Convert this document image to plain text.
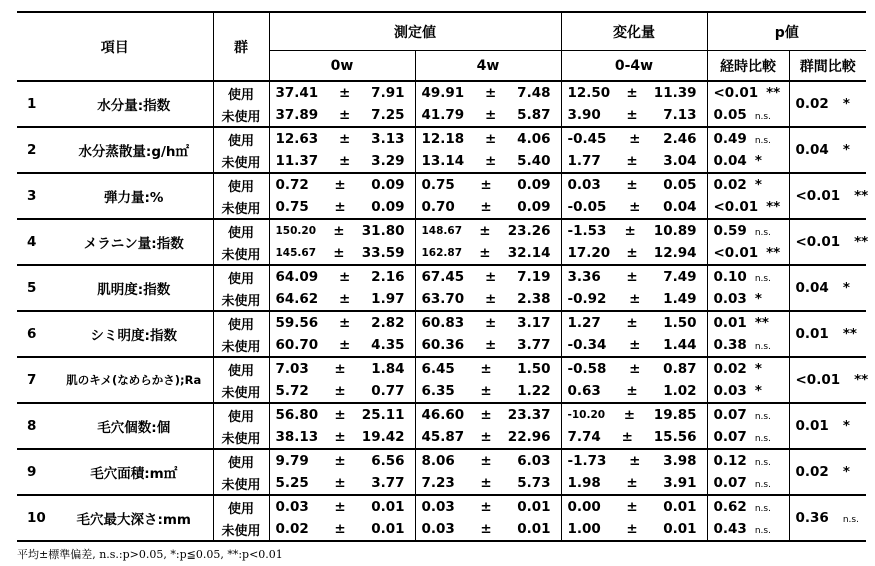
項目		群	測定値		変化量	p値	
			0w	4w	0-4w	経時比較	群間比較
1	水分量:指数	使用	37.41 ± 7.91	49.91 ± 7.48	12.50 ± 11.39	<0.01 **	0.02 *
		未使用	37.89 ± 7.25	41.79 ± 5.87	3.90 ± 7.13	0.05 n.s.	
2	水分蒸散量:g/h㎡	使用	12.63 ± 3.13	12.18 ± 4.06	-0.45 ± 2.46	0.49 n.s.	0.04 *
		未使用	11.37 ± 3.29	13.14 ± 5.40	1.77 ± 3.04	0.04 *	
3	弾力量:%	使用	0.72 ± 0.09	0.75 ± 0.09	0.03 ± 0.05	0.02 *	<0.01 **
		未使用	0.75 ± 0.09	0.70 ± 0.09	-0.05 ± 0.04	<0.01 **	
4	メラニン量:指数	使用	150.20 ± 31.80	148.67 ± 23.26	-1.53 ± 10.89	0.59 n.s.	<0.01 **
		未使用	145.67 ± 33.59	162.87 ± 32.14	17.20 ± 12.94	<0.01 **	
5	肌明度:指数	使用	64.09 ± 2.16	67.45 ± 7.19	3.36 ± 7.49	0.10 n.s.	0.04 *
		未使用	64.62 ± 1.97	63.70 ± 2.38	-0.92 ± 1.49	0.03 *	
6	シミ明度:指数	使用	59.56 ± 2.82	60.83 ± 3.17	1.27 ± 1.50	0.01 **	0.01 **
		未使用	60.70 ± 4.35	60.36 ± 3.77	-0.34 ± 1.44	0.38 n.s.	
7	肌のキメ(なめらかさ);Ra	使用	7.03 ± 1.84	6.45 ± 1.50	-0.58 ± 0.87	0.02 *	<0.01 **
		未使用	5.72 ± 0.77	6.35 ± 1.22	0.63 ± 1.02	0.03 *	
8	毛穴個数:個	使用	56.80 ± 25.11	46.60 ± 23.37	-10.20 ± 19.85	0.07 n.s.	0.01 *
		未使用	38.13 ± 19.42	45.87 ± 22.96	7.74 ± 15.56	0.07 n.s.	
9	毛穴面積:m㎡	使用	9.79 ± 6.56	8.06 ± 6.03	-1.73 ± 3.98	0.12 n.s.	0.02 *
		未使用	5.25 ± 3.77	7.23 ± 5.73	1.98 ± 3.91	0.07 n.s.	
10	毛穴最大深さ:mm	使用	0.03 ± 0.01	0.03 ± 0.01	0.00 ± 0.01	0.62 n.s.	0.36 n.s.
		未使用	0.02 ± 0.01	0.03 ± 0.01	1.00 ± 0.01	0.43 n.s.	
平均±標準偏差, n.s.:p>0.05, *:p≦0.05, **:p<0.01
